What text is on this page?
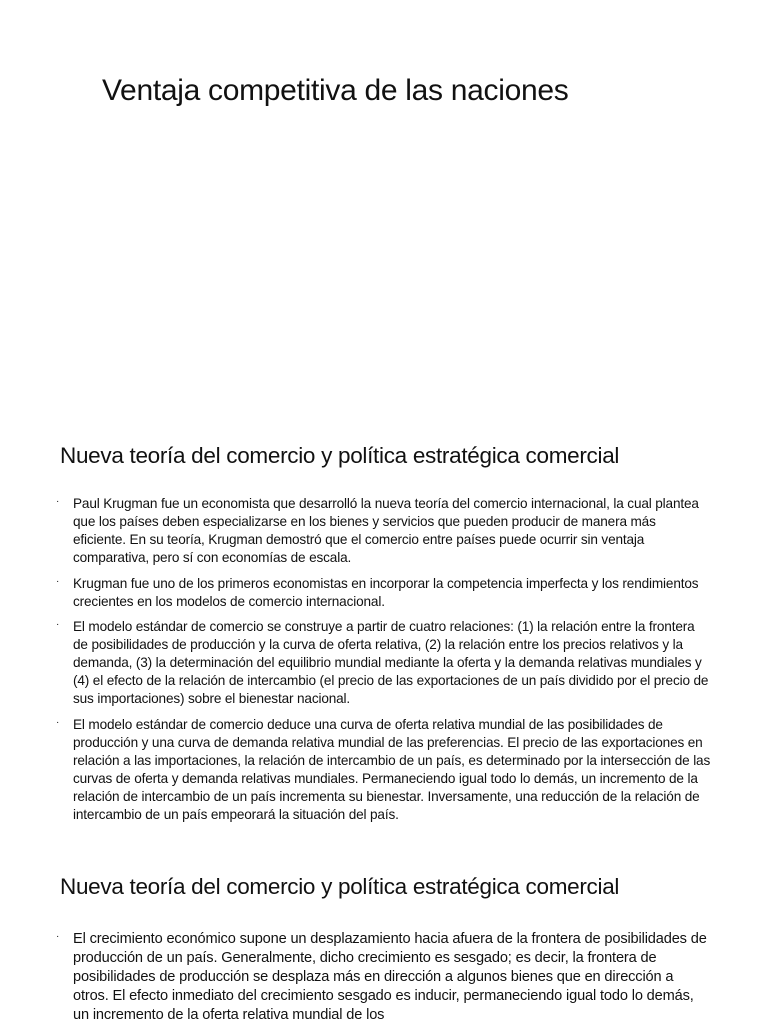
Ventaja competitiva de las naciones
Nueva teoría del comercio y política estratégica comercial
· Paul Krugman fue un economista que desarrolló la nueva teoría del comercio internacional, la cual plantea que los países deben especializarse en los bienes y servicios que pueden producir de manera más eficiente. En su teoría, Krugman demostró que el comercio entre países puede ocurrir sin ventaja comparativa, pero sí con economías de escala.
· Krugman fue uno de los primeros economistas en incorporar la competencia imperfecta y los rendimientos crecientes en los modelos de comercio internacional.
· El modelo estándar de comercio se construye a partir de cuatro relaciones: (1) la relación entre la frontera de posibilidades de producción y la curva de oferta relativa, (2) la relación entre los precios relativos y la demanda, (3) la determinación del equilibrio mundial mediante la oferta y la demanda relativas mundiales y (4) el efecto de la relación de intercambio (el precio de las exportaciones de un país dividido por el precio de sus importaciones) sobre el bienestar nacional.
· El modelo estándar de comercio deduce una curva de oferta relativa mundial de las posibilidades de producción y una curva de demanda relativa mundial de las preferencias. El precio de las exportaciones en relación a las importaciones, la relación de intercambio de un país, es determinado por la intersección de las curvas de oferta y demanda relativas mundiales. Permaneciendo igual todo lo demás, un incremento de la relación de intercambio de un país incrementa su bienestar. Inversamente, una reducción de la relación de intercambio de un país empeorará la situación del país.
Nueva teoría del comercio y política estratégica comercial
· El crecimiento económico supone un desplazamiento hacia afuera de la frontera de posibilidades de producción de un país. Generalmente, dicho crecimiento es sesgado; es decir, la frontera de posibilidades de producción se desplaza más en dirección a algunos bienes que en dirección a otros. El efecto inmediato del crecimiento sesgado es inducir, permaneciendo igual todo lo demás, un incremento de la oferta relativa mundial de los
